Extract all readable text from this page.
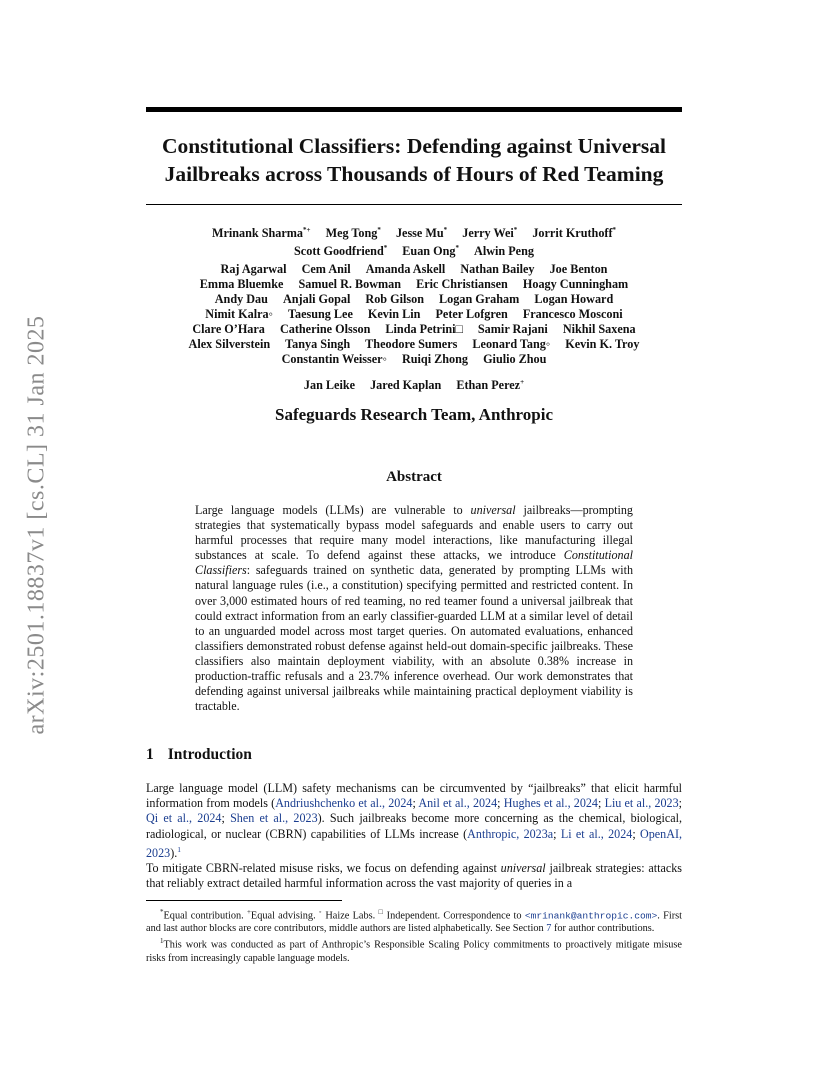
arXiv:2501.18837v1 [cs.CL] 31 Jan 2025
Constitutional Classifiers: Defending against Universal
Jailbreaks across Thousands of Hours of Red Teaming
Mrinank Sharma*+ Meg Tong* Jesse Mu* Jerry Wei* Jorrit Kruthoff*
Scott Goodfriend* Euan Ong* Alwin Peng
Raj Agarwal Cem Anil Amanda Askell Nathan Bailey Joe Benton
Emma Bluemke Samuel R. Bowman Eric Christiansen Hoagy Cunningham
Andy Dau Anjali Gopal Rob Gilson Logan Graham Logan Howard
Nimit Kalra◦ Taesung Lee Kevin Lin Peter Lofgren Francesco Mosconi
Clare O’Hara Catherine Olsson Linda Petrini□ Samir Rajani Nikhil Saxena
Alex Silverstein Tanya Singh Theodore Sumers Leonard Tang◦ Kevin K. Troy
Constantin Weisser◦ Ruiqi Zhong Giulio Zhou
Jan Leike Jared Kaplan Ethan Perez+
Safeguards Research Team, Anthropic
Abstract
Large language models (LLMs) are vulnerable to universal jailbreaks—prompting strategies that systematically bypass model safeguards and enable users to carry out harmful processes that require many model interactions, like manufacturing illegal substances at scale. To defend against these attacks, we introduce Constitutional Classifiers: safeguards trained on synthetic data, generated by prompting LLMs with natural language rules (i.e., a constitution) specifying permitted and restricted content. In over 3,000 estimated hours of red teaming, no red teamer found a universal jailbreak that could extract information from an early classifier-guarded LLM at a similar level of detail to an unguarded model across most target queries. On automated evaluations, enhanced classifiers demonstrated robust defense against held-out domain-specific jailbreaks. These classifiers also maintain deployment viability, with an absolute 0.38% increase in production-traffic refusals and a 23.7% inference overhead. Our work demonstrates that defending against universal jailbreaks while maintaining practical deployment viability is tractable.
1 Introduction

Large language model (LLM) safety mechanisms can be circumvented by “jailbreaks” that elicit harmful information from models (Andriushchenko et al., 2024; Anil et al., 2024; Hughes et al., 2024; Liu et al., 2023; Qi et al., 2024; Shen et al., 2023). Such jailbreaks become more concerning as the chemical, biological, radiological, or nuclear (CBRN) capabilities of LLMs increase (Anthropic, 2023a; Li et al., 2024; OpenAI, 2023).$^1$

To mitigate CBRN-related misuse risks, we focus on defending against universal jailbreak strategies: attacks that reliably extract detailed harmful information across the vast majority of queries in a

*Equal contribution. +Equal advising. ◦ Haize Labs. □ Independent. Correspondence to <mrinank@anthropic.com>. First and last author blocks are core contributors, middle authors are listed alphabetically. See Section 7 for author contributions.

$^1$This work was conducted as part of Anthropic’s Responsible Scaling Policy commitments to proactively mitigate misuse risks from increasingly capable language models.
